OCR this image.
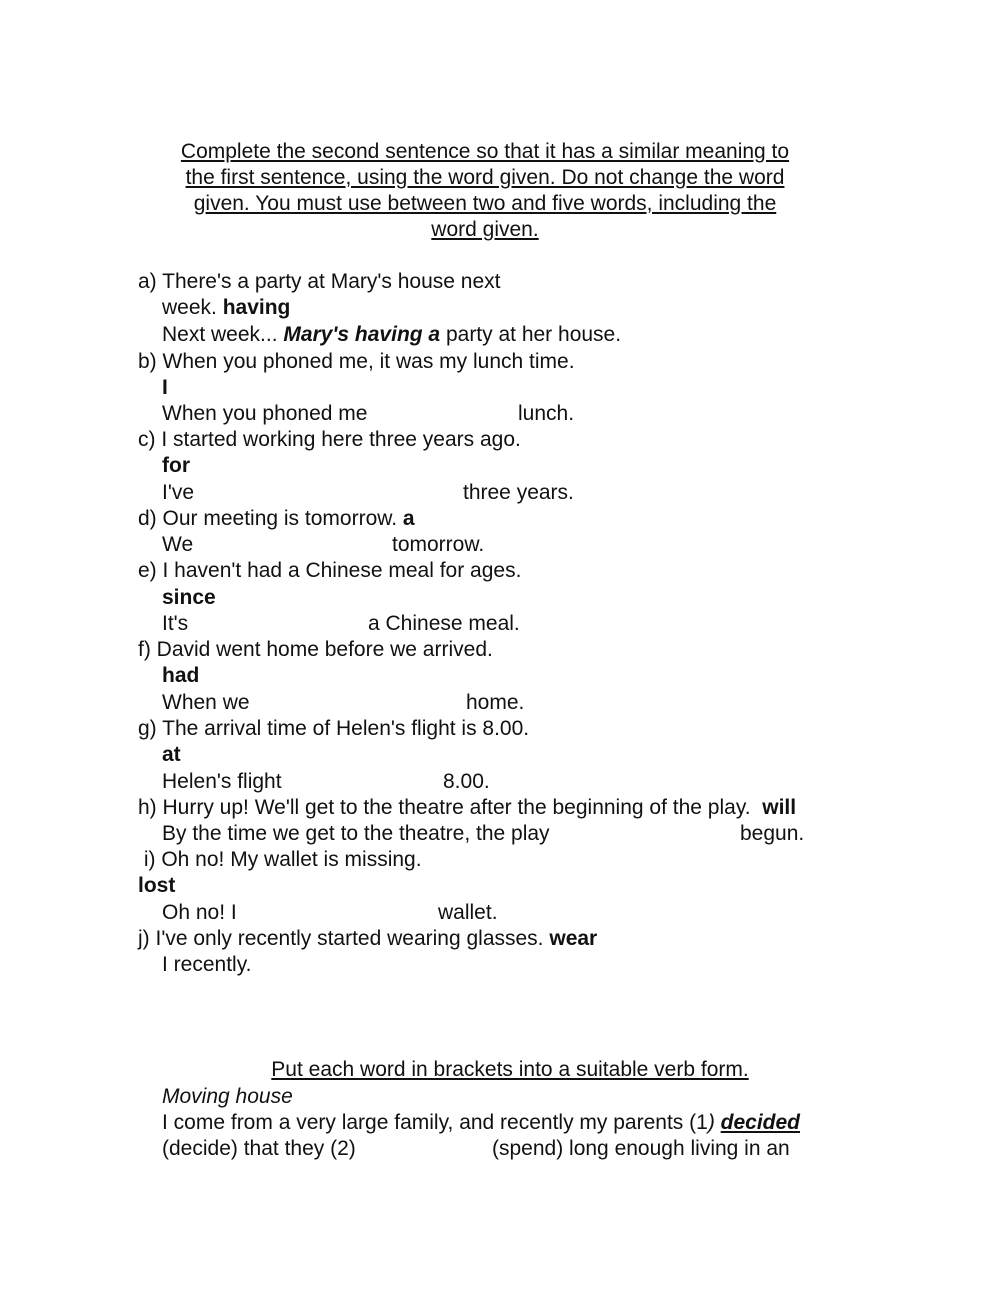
Complete the second sentence so that it has a similar meaning to
the first sentence, using the word given. Do not change the word
given. You must use between two and five words, including the
word given.
a) There's a party at Mary's house next
week. having
Next week... Mary's having a party at her house.
b) When you phoned me, it was my lunch time.
I
When you phoned me	lunch.
c) I started working here three years ago.
for
I've	three years.
d) Our meeting is tomorrow. a
We	tomorrow.
e) I haven't had a Chinese meal for ages.
since
It's	a Chinese meal.
f) David went home before we arrived.
had
When we	home.
g) The arrival time of Helen's flight is 8.00.
at
Helen's flight	8.00.
h) Hurry up! We'll get to the theatre after the beginning of the play.  will
By the time we get to the theatre, the play	begun.
i) Oh no! My wallet is missing.
lost
Oh no! I	wallet.
j) I've only recently started wearing glasses. wear
I recently.
Put each word in brackets into a suitable verb form.
Moving house
I come from a very large family, and recently my parents (1) decided
(decide) that they (2)	(spend) long enough living in an
